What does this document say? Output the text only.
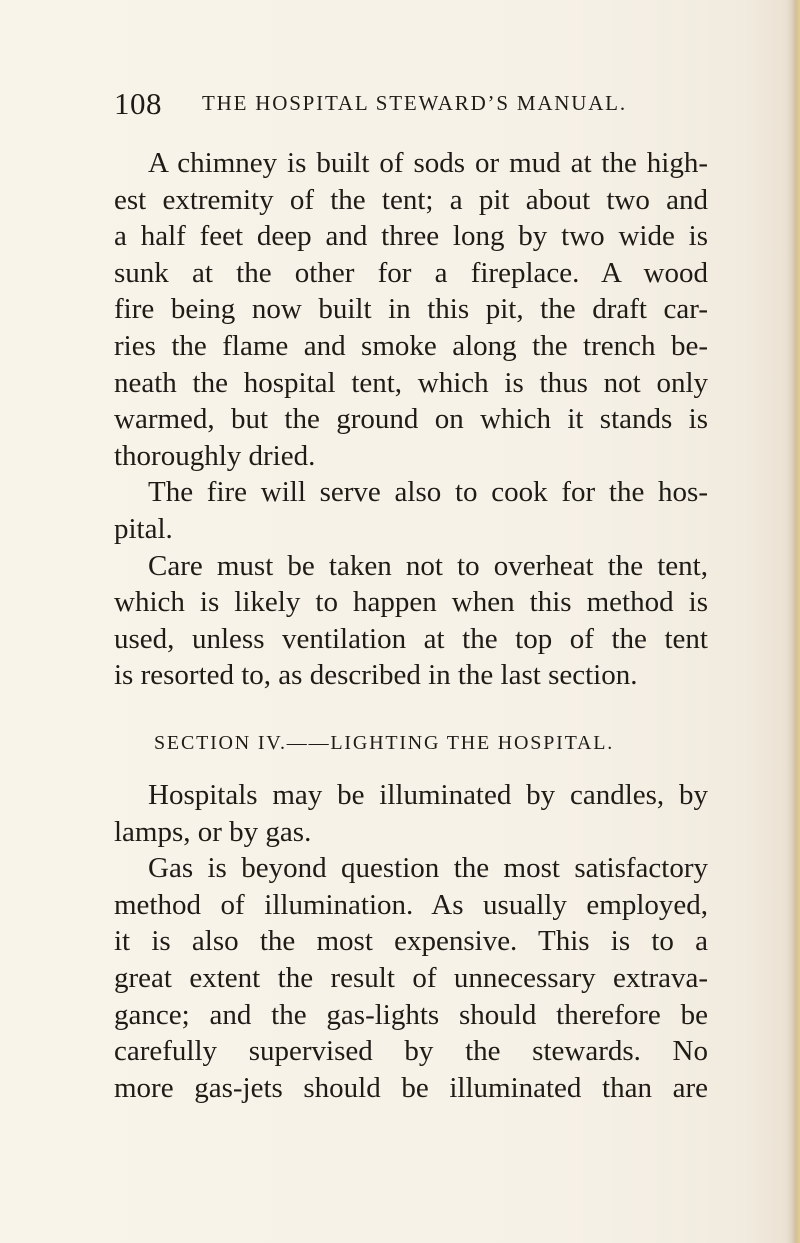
108 THE HOSPITAL STEWARD’S MANUAL.
A chimney is built of sods or mud at the high-
est extremity of the tent; a pit about two and
a half feet deep and three long by two wide is
sunk at the other for a fireplace. A wood
fire being now built in this pit, the draft car-
ries the flame and smoke along the trench be-
neath the hospital tent, which is thus not only
warmed, but the ground on which it stands is
thoroughly dried.
The fire will serve also to cook for the hos-
pital.
Care must be taken not to overheat the tent,
which is likely to happen when this method is
used, unless ventilation at the top of the tent
is resorted to, as described in the last section.
SECTION IV.——LIGHTING THE HOSPITAL.
Hospitals may be illuminated by candles, by
lamps, or by gas.
Gas is beyond question the most satisfactory
method of illumination. As usually employed,
it is also the most expensive. This is to a
great extent the result of unnecessary extrava-
gance; and the gas-lights should therefore be
carefully supervised by the stewards. No
more gas-jets should be illuminated than are
